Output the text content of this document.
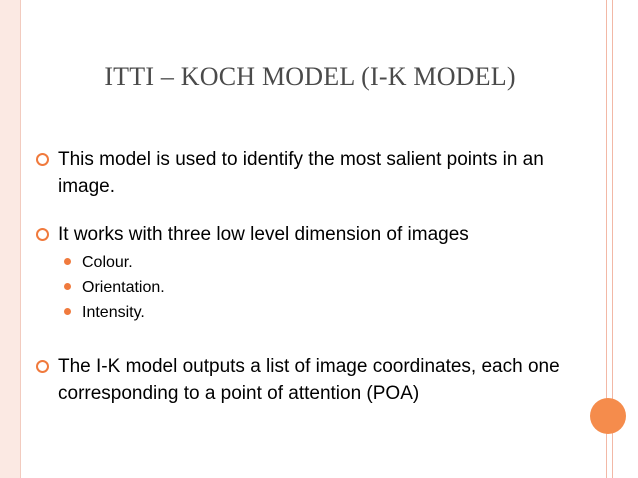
ITTI – KOCH MODEL (I-K MODEL)
This model is used to identify the most salient points in an image.
It works with three low level dimension of images
Colour.
Orientation.
Intensity.
The I-K model outputs a list of image coordinates, each one corresponding to a point of attention (POA)
